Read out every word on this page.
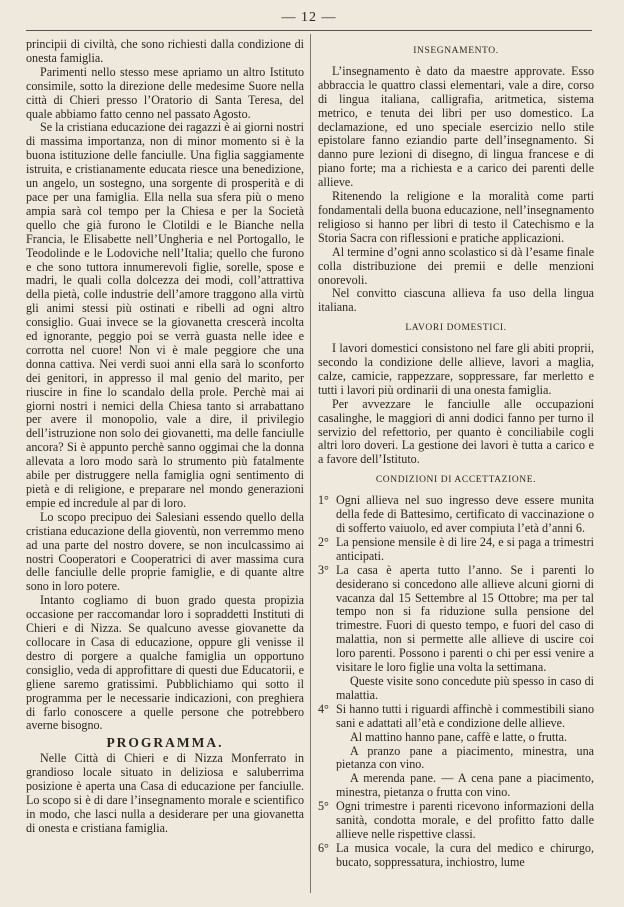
— 12 —

principii di civiltà, che sono richiesti dalla condizione di onesta famiglia.

Parimenti nello stesso mese apriamo un altro Istituto consimile, sotto la direzione delle medesime Suore nella città di Chieri presso l’Oratorio di Santa Teresa, del quale abbiamo fatto cenno nel passato Agosto.

Se la cristiana educazione dei ragazzi è ai giorni nostri di massima importanza, non di minor momento si è la buona istituzione delle fanciulle. Una figlia saggiamente istruita, e cristianamente educata riesce una benedizione, un angelo, un sostegno, una sorgente di prosperità e di pace per una famiglia. Ella nella sua sfera più o meno ampia sarà col tempo per la Chiesa e per la Società quello che già furono le Clotildi e le Bianche nella Francia, le Elisabette nell’Ungheria e nel Portogallo, le Teodolinde e le Lodoviche nell’Italia; quello che furono e che sono tuttora innumerevoli figlie, sorelle, spose e madri, le quali colla dolcezza dei modi, coll’attrattiva della pietà, colle industrie dell’amore traggono alla virtù gli animi stessi più ostinati e ribelli ad ogni altro consiglio. Guai invece se la giovanetta crescerà incolta ed ignorante, peggio poi se verrà guasta nelle idee e corrotta nel cuore! Non vi è male peggiore che una donna cattiva. Nei verdi suoi anni ella sarà lo sconforto dei genitori, in appresso il mal genio del marito, per riuscire in fine lo scandalo della prole. Perchè mai ai giorni nostri i nemici della Chiesa tanto si arrabattano per avere il monopolio, vale a dire, il privilegio dell’istruzione non solo dei giovanetti, ma delle fanciulle ancora? Si è appunto perchè sanno oggimai che la donna allevata a loro modo sarà lo strumento più fatalmente abile per distruggere nella famiglia ogni sentimento di pietà e di religione, e preparare nel mondo generazioni empie ed incredule al par di loro.

Lo scopo precipuo dei Salesiani essendo quello della cristiana educazione della gioventù, non verremmo meno ad una parte del nostro dovere, se non inculcassimo ai nostri Cooperatori e Cooperatrici di aver massima cura delle fanciulle delle proprie famiglie, e di quante altre sono in loro potere.

Intanto cogliamo di buon grado questa propizia occasione per raccomandar loro i sopraddetti Instituti di Chieri e di Nizza. Se qualcuno avesse giovanette da collocare in Casa di educazione, oppure gli venisse il destro di porgere a qualche famiglia un opportuno consiglio, veda di approfittare di questi due Educatorii, e gliene saremo gratissimi. Pubblichiamo qui sotto il programma per le necessarie indicazioni, con preghiera di farlo conoscere a quelle persone che potrebbero averne bisogno.

PROGRAMMA.

Nelle Città di Chieri e di Nizza Monferrato in grandioso locale situato in deliziosa e saluberrima posizione è aperta una Casa di educazione per fanciulle. Lo scopo si è di dare l’insegnamento morale e scientifico in modo, che lasci nulla a desiderare per una giovanetta di onesta e cristiana famiglia.

INSEGNAMENTO.

L’insegnamento è dato da maestre approvate. Esso abbraccia le quattro classi elementari, vale a dire, corso di lingua italiana, calligrafia, aritmetica, sistema metrico, e tenuta dei libri per uso domestico. La declamazione, ed uno speciale esercizio nello stile epistolare fanno eziandio parte dell’insegnamento. Si danno pure lezioni di disegno, di lingua francese e di piano forte; ma a richiesta e a carico dei parenti delle allieve.

Ritenendo la religione e la moralità come parti fondamentali della buona educazione, nell’insegnamento religioso si hanno per libri di testo il Catechismo e la Storia Sacra con riflessioni e pratiche applicazioni.

Al termine d’ogni anno scolastico si dà l’esame finale colla distribuzione dei premii e delle menzioni onorevoli.

Nel convitto ciascuna allieva fa uso della lingua italiana.

LAVORI DOMESTICI.

I lavori domestici consistono nel fare gli abiti proprii, secondo la condizione delle allieve, lavori a maglia, calze, camicie, rappezzare, soppressare, far merletto e tutti i lavori più ordinarii di una onesta famiglia.

Per avvezzare le fanciulle alle occupazioni casalinghe, le maggiori di anni dodici fanno per turno il servizio del refettorio, per quanto è conciliabile cogli altri loro doveri. La gestione dei lavori è tutta a carico e a favore dell’Istituto.

CONDIZIONI DI ACCETTAZIONE.
1° Ogni allieva nel suo ingresso deve essere munita della fede di Battesimo, certificato di vaccinazione o di sofferto vaiuolo, ed aver compiuta l’età d’anni 6.
2° La pensione mensile è di lire 24, e si paga a trimestri anticipati.
3° La casa è aperta tutto l’anno. Se i parenti lo desiderano si concedono alle allieve alcuni giorni di vacanza dal 15 Settembre al 15 Ottobre; ma per tal tempo non si fa riduzione sulla pensione del trimestre. Fuori di questo tempo, e fuori del caso di malattia, non si permette alle allieve di uscire coi loro parenti. Possono i parenti o chi per essi venire a visitare le loro figlie una volta la settimana.

Queste visite sono concedute più spesso in caso di malattia.

4° Si hanno tutti i riguardi affinchè i commestibili siano sani e adattati all’età e condizione delle allieve.

Al mattino hanno pane, caffè e latte, o frutta.

A pranzo pane a piacimento, minestra, una pietanza con vino.

A merenda pane. — A cena pane a piacimento, minestra, pietanza o frutta con vino.

5° Ogni trimestre i parenti ricevono informazioni della sanità, condotta morale, e del profitto fatto dalle allieve nelle rispettive classi.
6° La musica vocale, la cura del medico e chirurgo, bucato, soppressatura, inchiostro, lume
